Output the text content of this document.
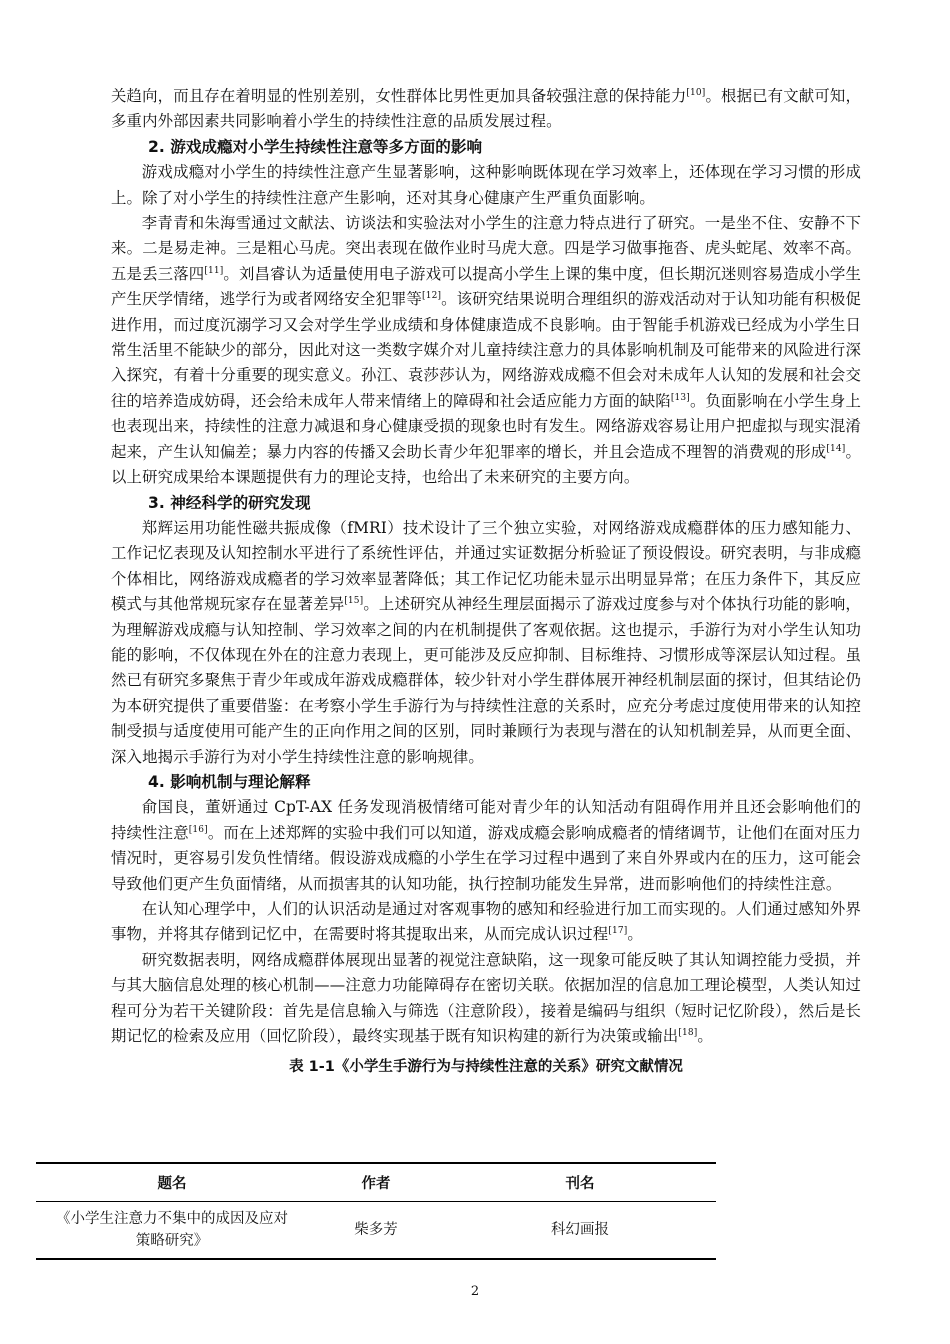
关趋向，而且存在着明显的性别差别，女性群体比男性更加具备较强注意的保持能力[10]。根据已有文献可知，多重内外部因素共同影响着小学生的持续性注意的品质发展过程。

2. 游戏成瘾对小学生持续性注意等多方面的影响

游戏成瘾对小学生的持续性注意产生显著影响，这种影响既体现在学习效率上，还体现在学习习惯的形成上。除了对小学生的持续性注意产生影响，还对其身心健康产生严重负面影响。

李青青和朱海雪通过文献法、访谈法和实验法对小学生的注意力特点进行了研究。一是坐不住、安静不下来。二是易走神。三是粗心马虎。突出表现在做作业时马虎大意。四是学习做事拖沓、虎头蛇尾、效率不高。五是丢三落四[11]。刘昌睿认为适量使用电子游戏可以提高小学生上课的集中度，但长期沉迷则容易造成小学生产生厌学情绪，逃学行为或者网络安全犯罪等[12]。该研究结果说明合理组织的游戏活动对于认知功能有积极促进作用，而过度沉溺学习又会对学生学业成绩和身体健康造成不良影响。由于智能手机游戏已经成为小学生日常生活里不能缺少的部分，因此对这一类数字媒介对儿童持续注意力的具体影响机制及可能带来的风险进行深入探究，有着十分重要的现实意义。孙江、袁莎莎认为，网络游戏成瘾不但会对未成年人认知的发展和社会交往的培养造成妨碍，还会给未成年人带来情绪上的障碍和社会适应能力方面的缺陷[13]。负面影响在小学生身上也表现出来，持续性的注意力减退和身心健康受损的现象也时有发生。网络游戏容易让用户把虚拟与现实混淆起来，产生认知偏差；暴力内容的传播又会助长青少年犯罪率的增长，并且会造成不理智的消费观的形成[14]。以上研究成果给本课题提供有力的理论支持，也给出了未来研究的主要方向。

3. 神经科学的研究发现

郑辉运用功能性磁共振成像（fMRI）技术设计了三个独立实验，对网络游戏成瘾群体的压力感知能力、工作记忆表现及认知控制水平进行了系统性评估，并通过实证数据分析验证了预设假设。研究表明，与非成瘾个体相比，网络游戏成瘾者的学习效率显著降低；其工作记忆功能未显示出明显异常；在压力条件下，其反应模式与其他常规玩家存在显著差异[15]。上述研究从神经生理层面揭示了游戏过度参与对个体执行功能的影响，为理解游戏成瘾与认知控制、学习效率之间的内在机制提供了客观依据。这也提示，手游行为对小学生认知功能的影响，不仅体现在外在的注意力表现上，更可能涉及反应抑制、目标维持、习惯形成等深层认知过程。虽然已有研究多聚焦于青少年或成年游戏成瘾群体，较少针对小学生群体展开神经机制层面的探讨，但其结论仍为本研究提供了重要借鉴：在考察小学生手游行为与持续性注意的关系时，应充分考虑过度使用带来的认知控制受损与适度使用可能产生的正向作用之间的区别，同时兼顾行为表现与潜在的认知机制差异，从而更全面、深入地揭示手游行为对小学生持续性注意的影响规律。

4. 影响机制与理论解释

俞国良，董妍通过 CpT-AX 任务发现消极情绪可能对青少年的认知活动有阻碍作用并且还会影响他们的持续性注意[16]。而在上述郑辉的实验中我们可以知道，游戏成瘾会影响成瘾者的情绪调节，让他们在面对压力情况时，更容易引发负性情绪。假设游戏成瘾的小学生在学习过程中遇到了来自外界或内在的压力，这可能会导致他们更产生负面情绪，从而损害其的认知功能，执行控制功能发生异常，进而影响他们的持续性注意。

在认知心理学中，人们的认识活动是通过对客观事物的感知和经验进行加工而实现的。人们通过感知外界事物，并将其存储到记忆中，在需要时将其提取出来，从而完成认识过程[17]。

研究数据表明，网络成瘾群体展现出显著的视觉注意缺陷，这一现象可能反映了其认知调控能力受损，并与其大脑信息处理的核心机制——注意力功能障碍存在密切关联。依据加涅的信息加工理论模型，人类认知过程可分为若干关键阶段：首先是信息输入与筛选（注意阶段），接着是编码与组织（短时记忆阶段），然后是长期记忆的检索及应用（回忆阶段），最终实现基于既有知识构建的新行为决策或输出[18]。

表 1-1《小学生手游行为与持续性注意的关系》研究文献情况
题名	作者	刊名
《小学生注意力不集中的成因及应对策略研究》	柴多芳	科幻画报
2
